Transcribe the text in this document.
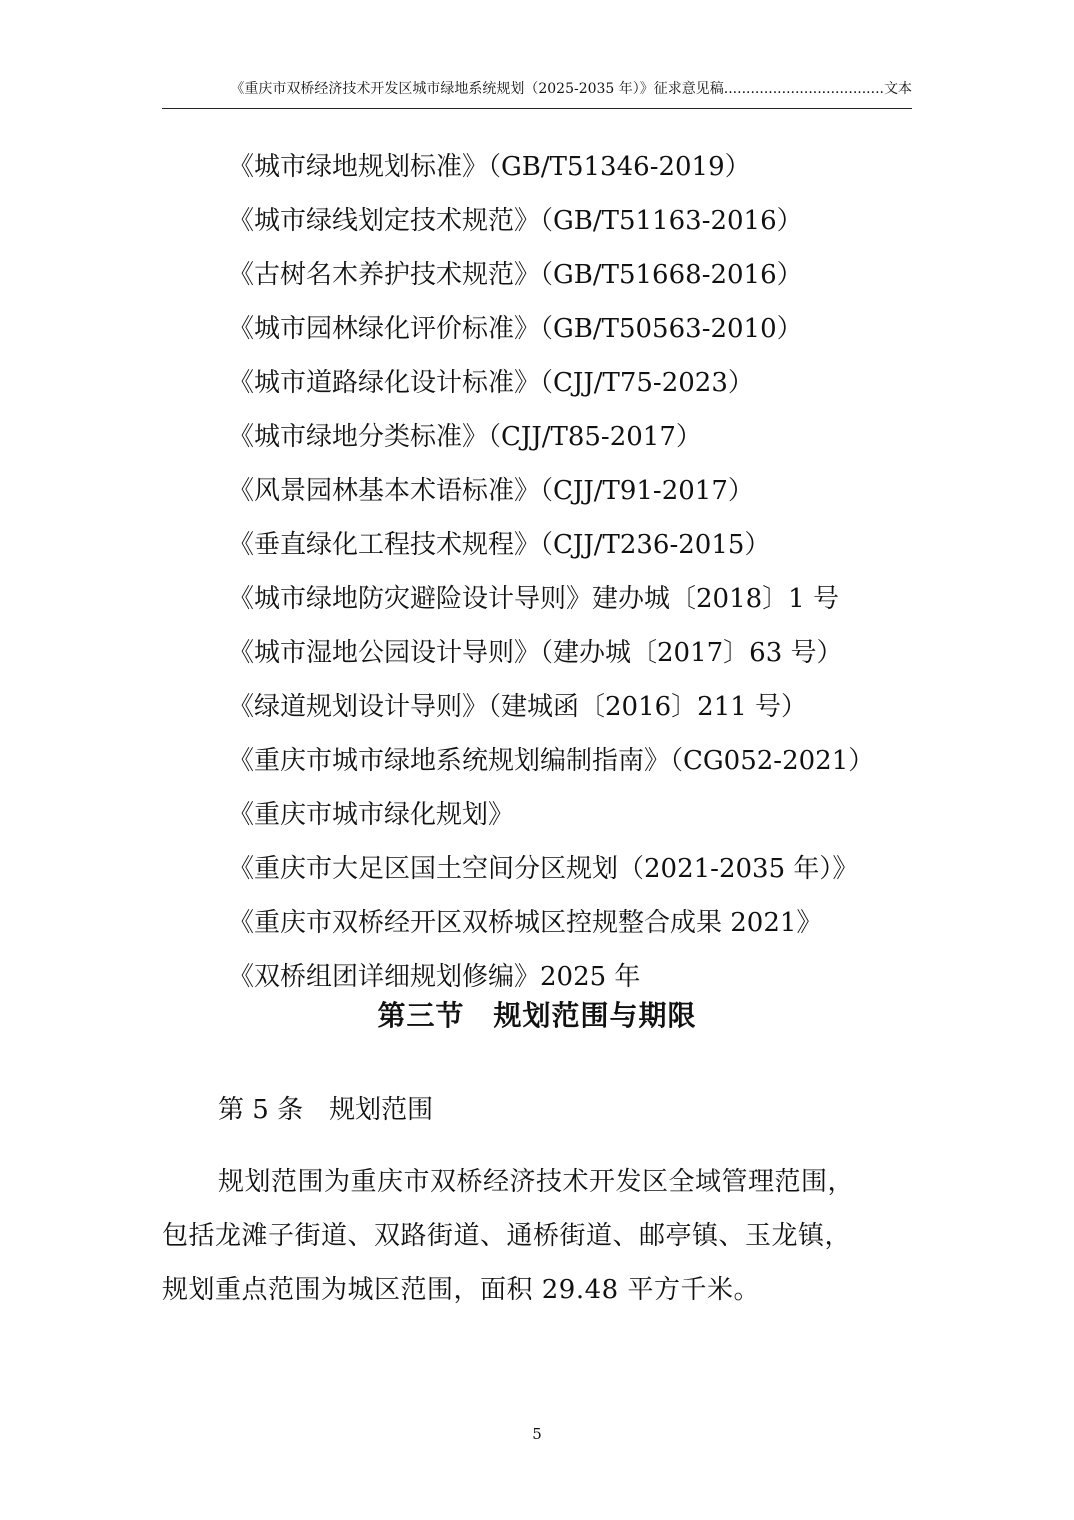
《重庆市双桥经济技术开发区城市绿地系统规划（2025-2035 年）》征求意见稿....................................文本
《城市绿地规划标准》（GB/T51346-2019）
《城市绿线划定技术规范》（GB/T51163-2016）
《古树名木养护技术规范》（GB/T51668-2016）
《城市园林绿化评价标准》（GB/T50563-2010）
《城市道路绿化设计标准》（CJJ/T75-2023）
《城市绿地分类标准》（CJJ/T85-2017）
《风景园林基本术语标准》（CJJ/T91-2017）
《垂直绿化工程技术规程》（CJJ/T236-2015）
《城市绿地防灾避险设计导则》建办城〔2018〕1 号
《城市湿地公园设计导则》（建办城〔2017〕63 号）
《绿道规划设计导则》（建城函〔2016〕211 号）
《重庆市城市绿地系统规划编制指南》（CG052-2021）
《重庆市城市绿化规划》
《重庆市大足区国土空间分区规划（2021-2035 年）》
《重庆市双桥经开区双桥城区控规整合成果 2021》
《双桥组团详细规划修编》2025 年
第三节　规划范围与期限
第 5 条 规划范围
规划范围为重庆市双桥经济技术开发区全域管理范围，
包括龙滩子街道、双路街道、通桥街道、邮亭镇、玉龙镇，
规划重点范围为城区范围，面积 29.48 平方千米。
5
